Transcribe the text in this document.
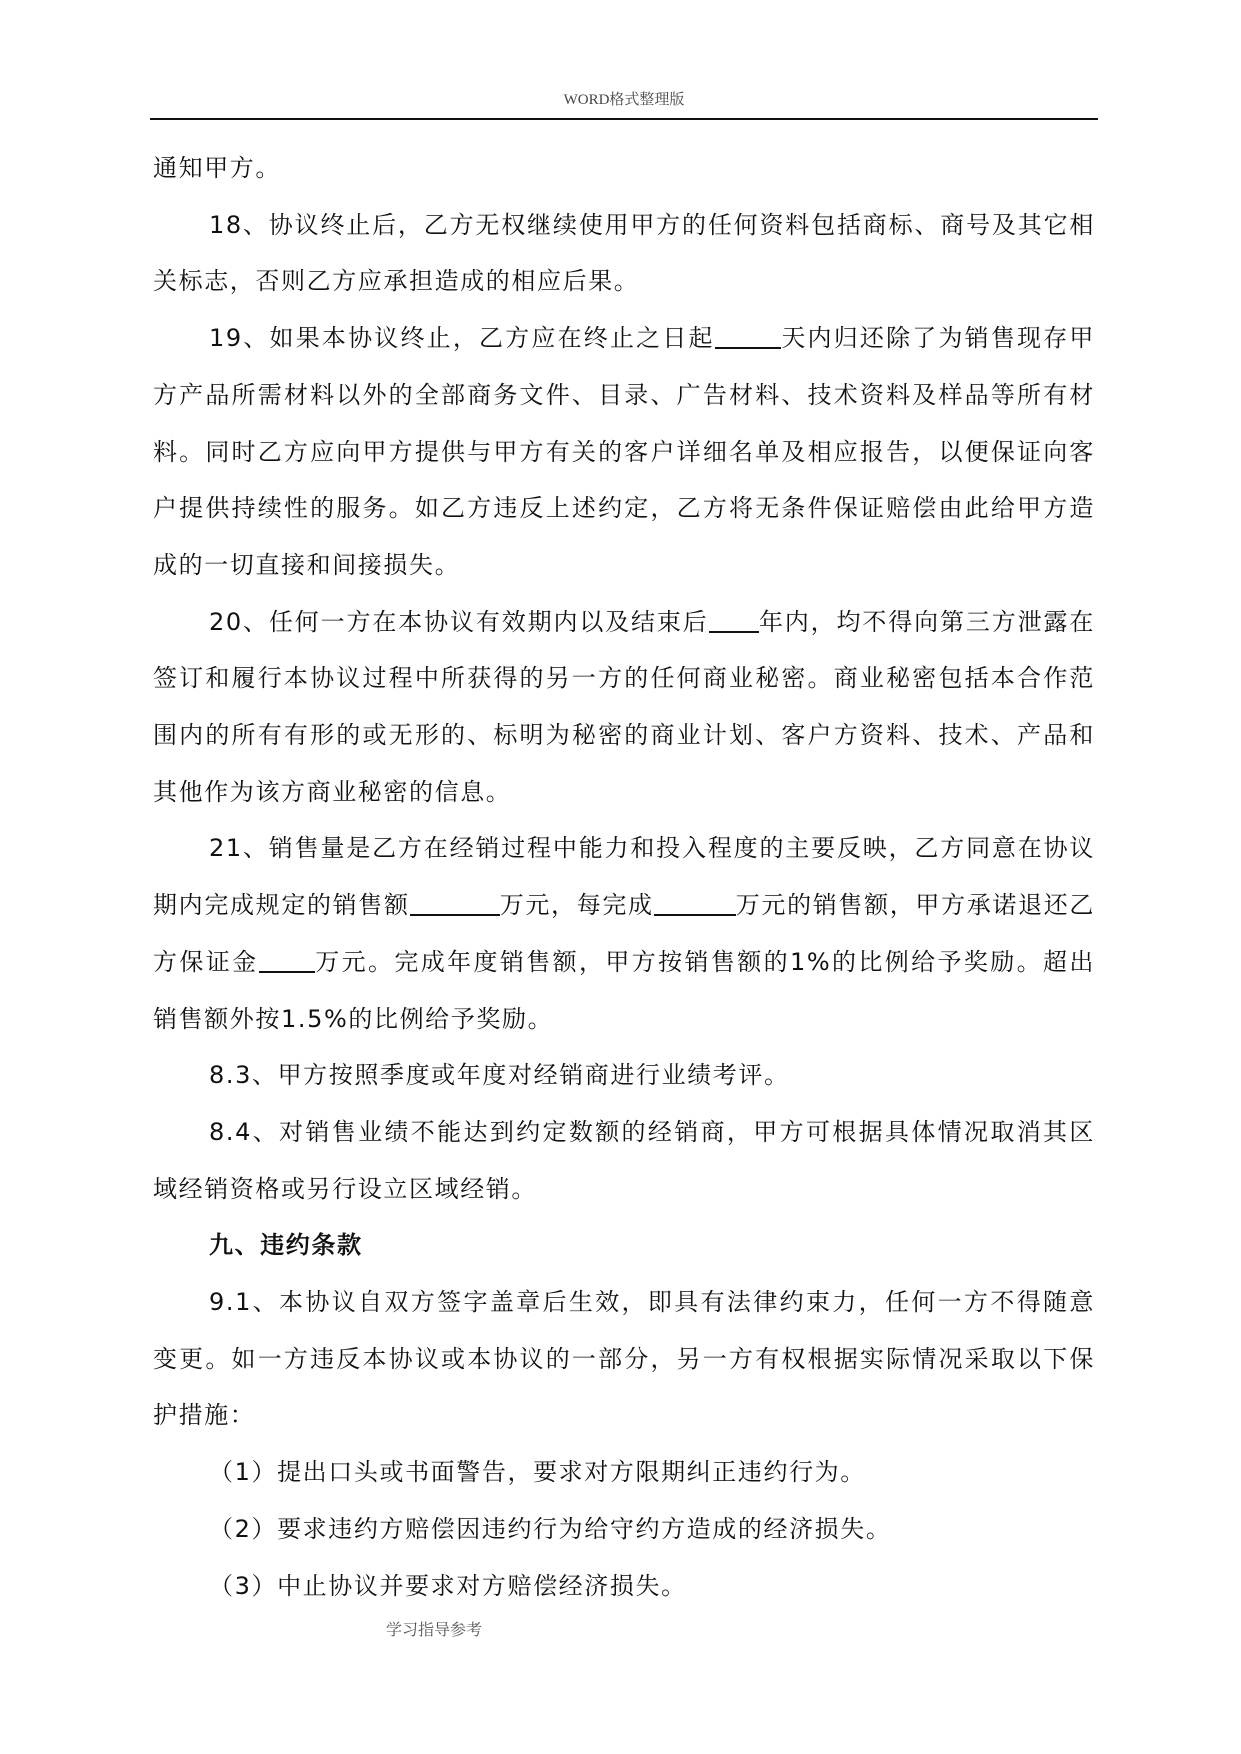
WORD格式整理版

通知甲方。

18、协议终止后，乙方无权继续使用甲方的任何资料包括商标、商号及其它相关标志，否则乙方应承担造成的相应后果。

19、如果本协议终止，乙方应在终止之日起	天内归还除了为销售现存甲方产品所需材料以外的全部商务文件、目录、广告材料、技术资料及样品等所有材料。同时乙方应向甲方提供与甲方有关的客户详细名单及相应报告，以便保证向客户提供持续性的服务。如乙方违反上述约定，乙方将无条件保证赔偿由此给甲方造成的一切直接和间接损失。

20、任何一方在本协议有效期内以及结束后 年内，均不得向第三方泄露在签订和履行本协议过程中所获得的另一方的任何商业秘密。商业秘密包括本合作范围内的所有有形的或无形的、标明为秘密的商业计划、客户方资料、技术、产品和其他作为该方商业秘密的信息。

21、销售量是乙方在经销过程中能力和投入程度的主要反映，乙方同意在协议期内完成规定的销售额	万元，每完成	万元的销售额，甲方承诺退还乙方保证金 万元。完成年度销售额，甲方按销售额的1%的比例给予奖励。超出销售额外按1.5%的比例给予奖励。

8.3、甲方按照季度或年度对经销商进行业绩考评。

8.4、对销售业绩不能达到约定数额的经销商，甲方可根据具体情况取消其区域经销资格或另行设立区域经销。

九、违约条款

9.1、本协议自双方签字盖章后生效，即具有法律约束力，任何一方不得随意变更。如一方违反本协议或本协议的一部分，另一方有权根据实际情况采取以下保护措施：

（1）提出口头或书面警告，要求对方限期纠正违约行为。

（2）要求违约方赔偿因违约行为给守约方造成的经济损失。

（3）中止协议并要求对方赔偿经济损失。

学习指导参考
